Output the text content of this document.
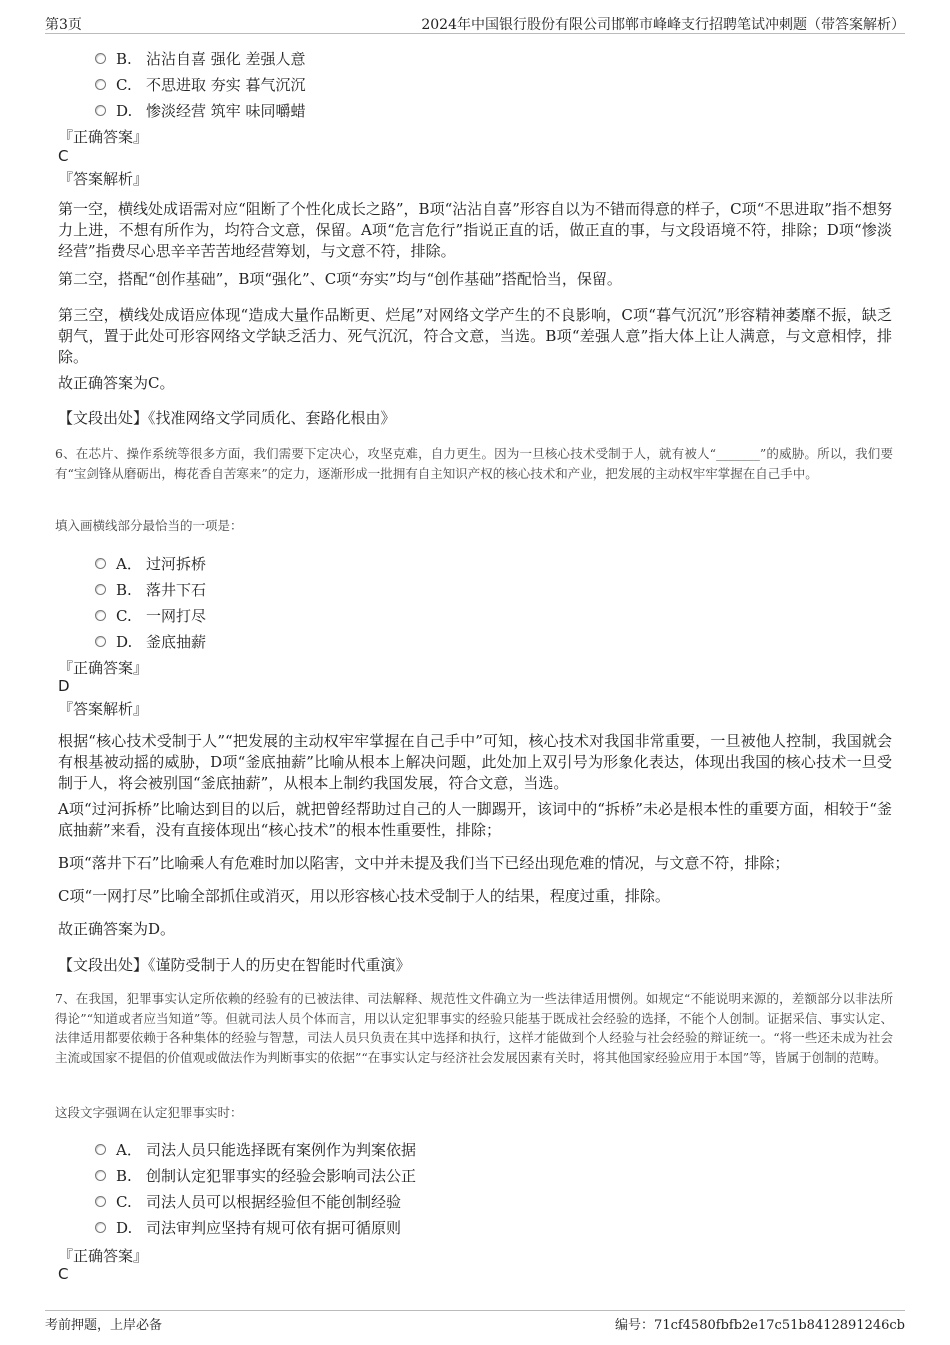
第3页	2024年中国银行股份有限公司邯郸市峰峰支行招聘笔试冲刺题（带答案解析）
B. 沾沾自喜 强化 差强人意
C. 不思进取 夯实 暮气沉沉
D. 惨淡经营 筑牢 味同嚼蜡
『正确答案』
C
『答案解析』
第一空，横线处成语需对应“阻断了个性化成长之路”，B项“沾沾自喜”形容自以为不错而得意的样子，C项“不思进取”指不想努力上进，不想有所作为，均符合文意，保留。A项“危言危行”指说正直的话，做正直的事，与文段语境不符，排除；D项“惨淡经营”指费尽心思辛辛苦苦地经营筹划，与文意不符，排除。
第二空，搭配“创作基础”，B项“强化”、C项“夯实”均与“创作基础”搭配恰当，保留。
第三空，横线处成语应体现“造成大量作品断更、烂尾”对网络文学产生的不良影响，C项“暮气沉沉”形容精神萎靡不振，缺乏朝气，置于此处可形容网络文学缺乏活力、死气沉沉，符合文意，当选。B项“差强人意”指大体上让人满意，与文意相悖，排除。
故正确答案为C。
【文段出处】《找准网络文学同质化、套路化根由》
6、在芯片、操作系统等很多方面，我们需要下定决心，攻坚克难，自力更生。因为一旦核心技术受制于人，就有被人“_______”的威胁。所以，我们要有“宝剑锋从磨砺出，梅花香自苦寒来”的定力，逐渐形成一批拥有自主知识产权的核心技术和产业，把发展的主动权牢牢掌握在自己手中。
填入画横线部分最恰当的一项是：
A． 过河拆桥
B. 落井下石
C. 一网打尽
D. 釜底抽薪
『正确答案』
D
『答案解析』
根据“核心技术受制于人”“把发展的主动权牢牢掌握在自己手中”可知，核心技术对我国非常重要，一旦被他人控制，我国就会有根基被动摇的威胁，D项“釜底抽薪”比喻从根本上解决问题，此处加上双引号为形象化表达，体现出我国的核心技术一旦受制于人，将会被别国“釜底抽薪”，从根本上制约我国发展，符合文意，当选。
A项“过河拆桥”比喻达到目的以后，就把曾经帮助过自己的人一脚踢开，该词中的“拆桥”未必是根本性的重要方面，相较于“釜底抽薪”来看，没有直接体现出“核心技术”的根本性重要性，排除；
B项“落井下石”比喻乘人有危难时加以陷害，文中并未提及我们当下已经出现危难的情况，与文意不符，排除；
C项“一网打尽”比喻全部抓住或消灭，用以形容核心技术受制于人的结果，程度过重，排除。
故正确答案为D。
【文段出处】《谨防受制于人的历史在智能时代重演》
7、在我国，犯罪事实认定所依赖的经验有的已被法律、司法解释、规范性文件确立为一些法律适用惯例。如规定“不能说明来源的，差额部分以非法所得论”“知道或者应当知道”等。但就司法人员个体而言，用以认定犯罪事实的经验只能基于既成社会经验的选择，不能个人创制。证据采信、事实认定、法律适用都要依赖于各种集体的经验与智慧，司法人员只负责在其中选择和执行，这样才能做到个人经验与社会经验的辩证统一。“将一些还未成为社会主流或国家不提倡的价值观或做法作为判断事实的依据”“在事实认定与经济社会发展因素有关时，将其他国家经验应用于本国”等，皆属于创制的范畴。
这段文字强调在认定犯罪事实时：
A． 司法人员只能选择既有案例作为判案依据
B. 创制认定犯罪事实的经验会影响司法公正
C. 司法人员可以根据经验但不能创制经验
D. 司法审判应坚持有规可依有据可循原则
『正确答案』
C
考前押题，上岸必备	编号：71cf4580fbfb2e17c51b8412891246cb
